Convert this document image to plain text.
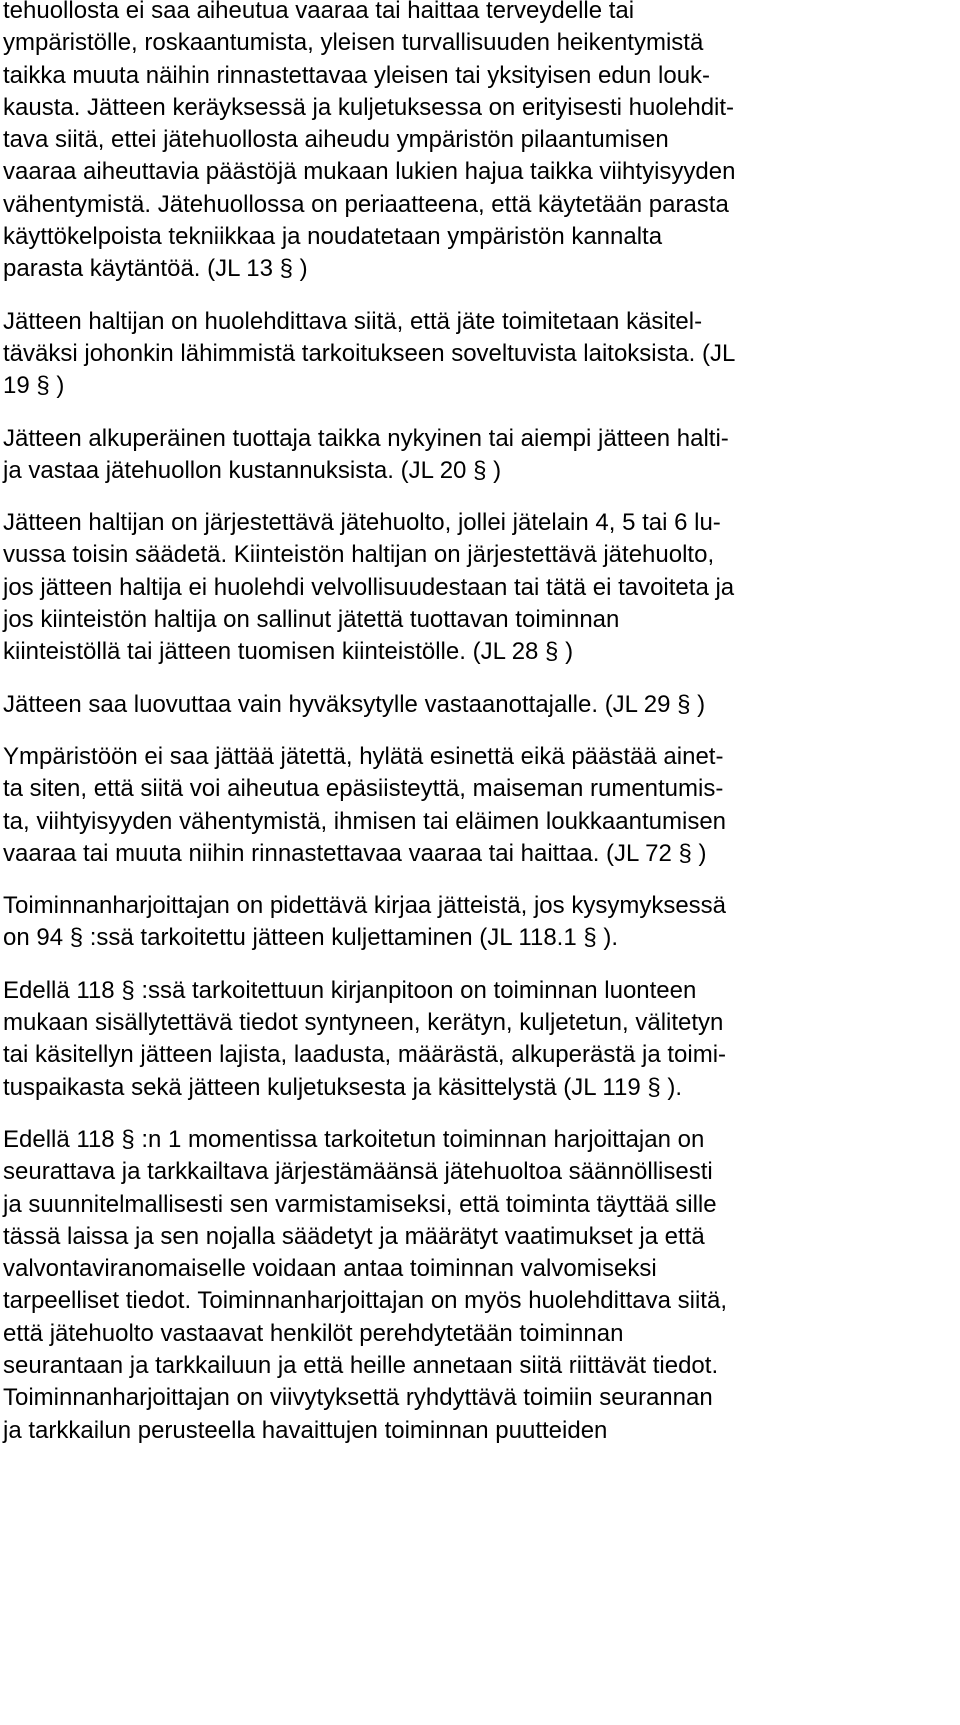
tehuollosta ei saa aiheutua vaaraa tai haittaa terveydelle tai
ympäristölle, roskaantumista, yleisen turvallisuuden heikentymistä
taikka muuta näihin rinnastettavaa yleisen tai yksityisen edun louk-
kausta. Jätteen keräyksessä ja kuljetuksessa on erityisesti huolehdit-
tava siitä, ettei jätehuollosta aiheudu ympäristön pilaantumisen
vaaraa aiheuttavia päästöjä mukaan lukien hajua taikka viihtyisyyden
vähentymistä. Jätehuollossa on periaatteena, että käytetään parasta
käyttökelpoista tekniikkaa ja noudatetaan ympäristön kannalta
parasta käytäntöä. (JL 13 § )
Jätteen haltijan on huolehdittava siitä, että jäte toimitetaan käsitel-
täväksi johonkin lähimmistä tarkoitukseen soveltuvista laitoksista. (JL
19 § )
Jätteen alkuperäinen tuottaja taikka nykyinen tai aiempi jätteen halti-
ja vastaa jätehuollon kustannuksista. (JL 20 § )
Jätteen haltijan on järjestettävä jätehuolto, jollei jätelain 4, 5 tai 6 lu-
vussa toisin säädetä. Kiinteistön haltijan on järjestettävä jätehuolto,
jos jätteen haltija ei huolehdi velvollisuudestaan tai tätä ei tavoiteta ja
jos kiinteistön haltija on sallinut jätettä tuottavan toiminnan
kiinteistöllä tai jätteen tuomisen kiinteistölle. (JL 28 § )
Jätteen saa luovuttaa vain hyväksytylle vastaanottajalle. (JL 29 § )
Ympäristöön ei saa jättää jätettä, hylätä esinettä eikä päästää ainet-
ta siten, että siitä voi aiheutua epäsiisteyttä, maiseman rumentumis-
ta, viihtyisyyden vähentymistä, ihmisen tai eläimen loukkaantumisen
vaaraa tai muuta niihin rinnastettavaa vaaraa tai haittaa. (JL 72 § )
Toiminnanharjoittajan on pidettävä kirjaa jätteistä, jos kysymyksessä
on 94 § :ssä tarkoitettu jätteen kuljettaminen (JL 118.1 § ).
Edellä 118 § :ssä tarkoitettuun kirjanpitoon on toiminnan luonteen
mukaan sisällytettävä tiedot syntyneen, kerätyn, kuljetetun, välitetyn
tai käsitellyn jätteen lajista, laadusta, määrästä, alkuperästä ja toimi-
tuspaikasta sekä jätteen kuljetuksesta ja käsittelystä (JL 119 § ).
Edellä 118 § :n 1 momentissa tarkoitetun toiminnan harjoittajan on
seurattava ja tarkkailtava järjestämäänsä jätehuoltoa säännöllisesti
ja suunnitelmallisesti sen varmistamiseksi, että toiminta täyttää sille
tässä laissa ja sen nojalla säädetyt ja määrätyt vaatimukset ja että
valvontaviranomaiselle voidaan antaa toiminnan valvomiseksi
tarpeelliset tiedot. Toiminnanharjoittajan on myös huolehdittava siitä,
että jätehuolto vastaavat henkilöt perehdytetään toiminnan
seurantaan ja tarkkailuun ja että heille annetaan siitä riittävät tiedot.
Toiminnanharjoittajan on viivytyksettä ryhdyttävä toimiin seurannan
ja tarkkailun perusteella havaittujen toiminnan puutteiden
